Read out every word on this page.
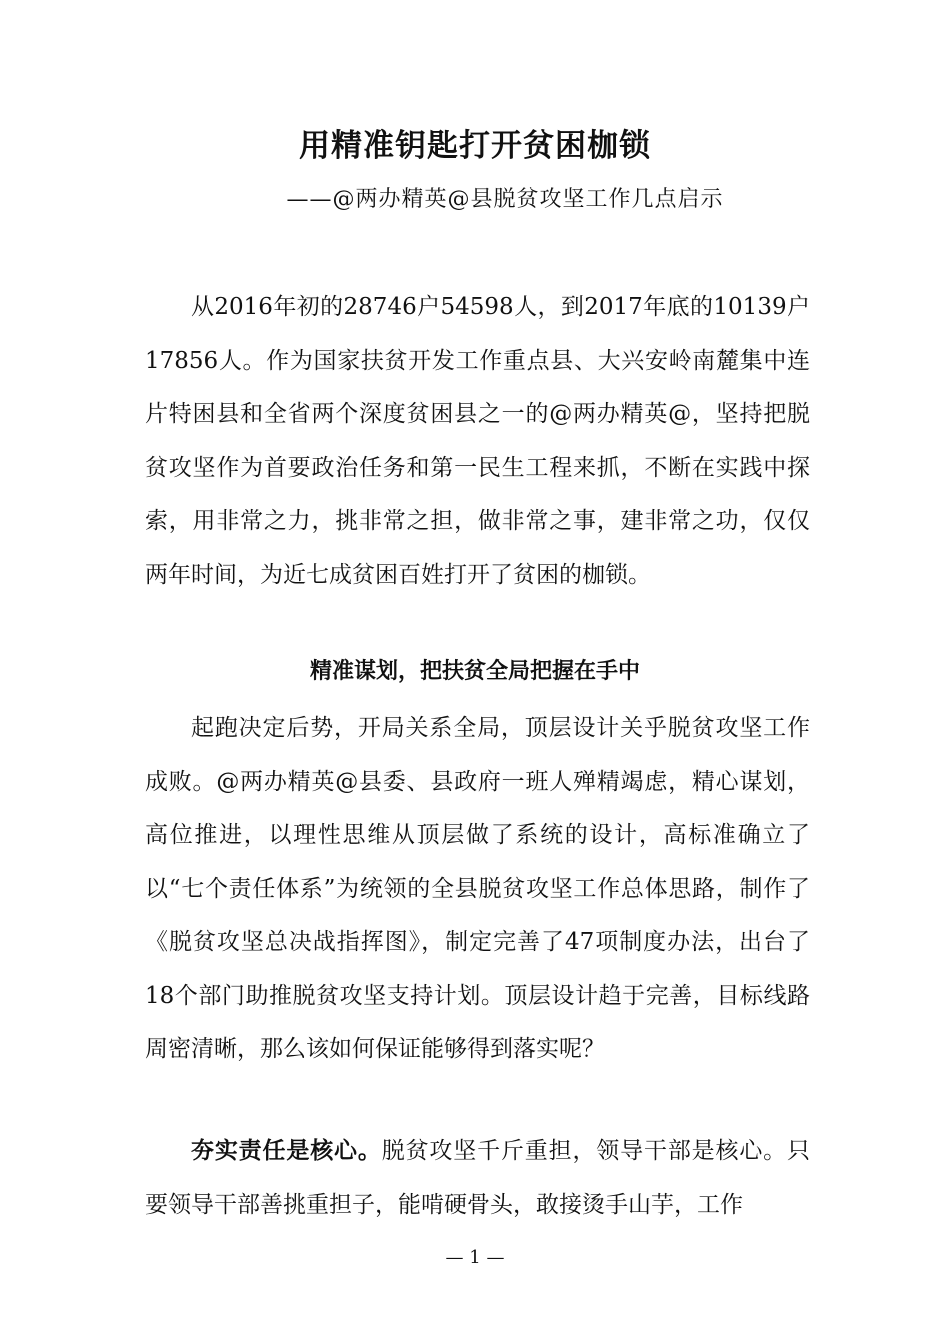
用精准钥匙打开贫困枷锁
——@两办精英@县脱贫攻坚工作几点启示

从2016年初的28746户54598人，到2017年底的10139户17856人。作为国家扶贫开发工作重点县、大兴安岭南麓集中连片特困县和全省两个深度贫困县之一的@两办精英@，坚持把脱贫攻坚作为首要政治任务和第一民生工程来抓，不断在实践中探索，用非常之力，挑非常之担，做非常之事，建非常之功，仅仅两年时间，为近七成贫困百姓打开了贫困的枷锁。

精准谋划，把扶贫全局把握在手中

起跑决定后势，开局关系全局，顶层设计关乎脱贫攻坚工作成败。@两办精英@县委、县政府一班人殚精竭虑，精心谋划，高位推进，以理性思维从顶层做了系统的设计，高标准确立了以“七个责任体系”为统领的全县脱贫攻坚工作总体思路，制作了《脱贫攻坚总决战指挥图》，制定完善了47项制度办法，出台了18个部门助推脱贫攻坚支持计划。顶层设计趋于完善，目标线路周密清晰，那么该如何保证能够得到落实呢？

夯实责任是核心。脱贫攻坚千斤重担，领导干部是核心。只要领导干部善挑重担子，能啃硬骨头，敢接烫手山芋，工作

— 1 —
